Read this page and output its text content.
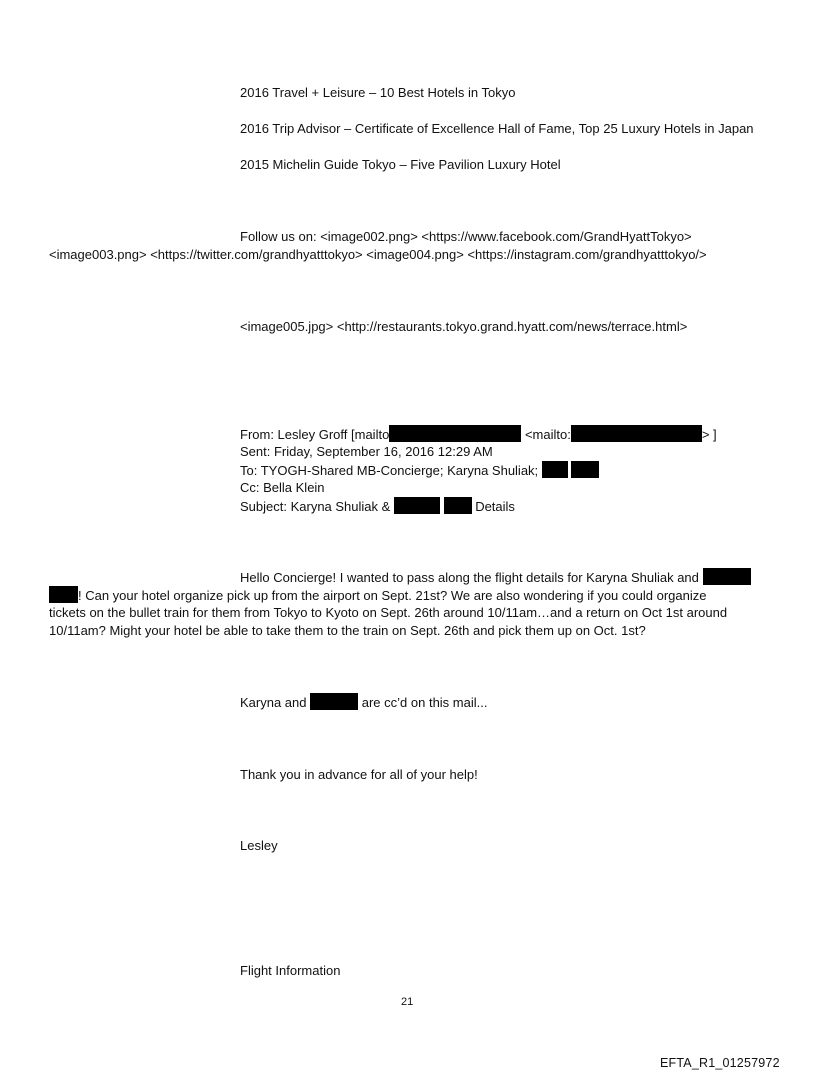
2016 Travel + Leisure – 10 Best Hotels in Tokyo
2016 Trip Advisor – Certificate of Excellence Hall of Fame, Top 25 Luxury Hotels in Japan
2015 Michelin Guide Tokyo – Five Pavilion Luxury Hotel
Follow us on: <image002.png> <https://www.facebook.com/GrandHyattTokyo>
<image003.png> <https://twitter.com/grandhyatttokyo> <image004.png> <https://instagram.com/grandhyatttokyo/>
<image005.jpg> <http://restaurants.tokyo.grand.hyatt.com/news/terrace.html>
From: Lesley Groff [mailto	<mailto:	> ]
Sent: Friday, September 16, 2016 12:29 AM
To: TYOGH-Shared MB-Concierge; Karyna Shuliak;
Cc: Bella Klein
Subject: Karyna Shuliak &	Details
Hello Concierge! I wanted to pass along the flight details for Karyna Shuliak and
! Can your hotel organize pick up from the airport on Sept. 21st? We are also wondering if you could organize
tickets on the bullet train for them from Tokyo to Kyoto on Sept. 26th around 10/11am…and a return on Oct 1st around
10/11am? Might your hotel be able to take them to the train on Sept. 26th and pick them up on Oct. 1st?
Karyna and	are cc’d on this mail...
Thank you in advance for all of your help!
Lesley
Flight Information
21
EFTA_R1_01257972
